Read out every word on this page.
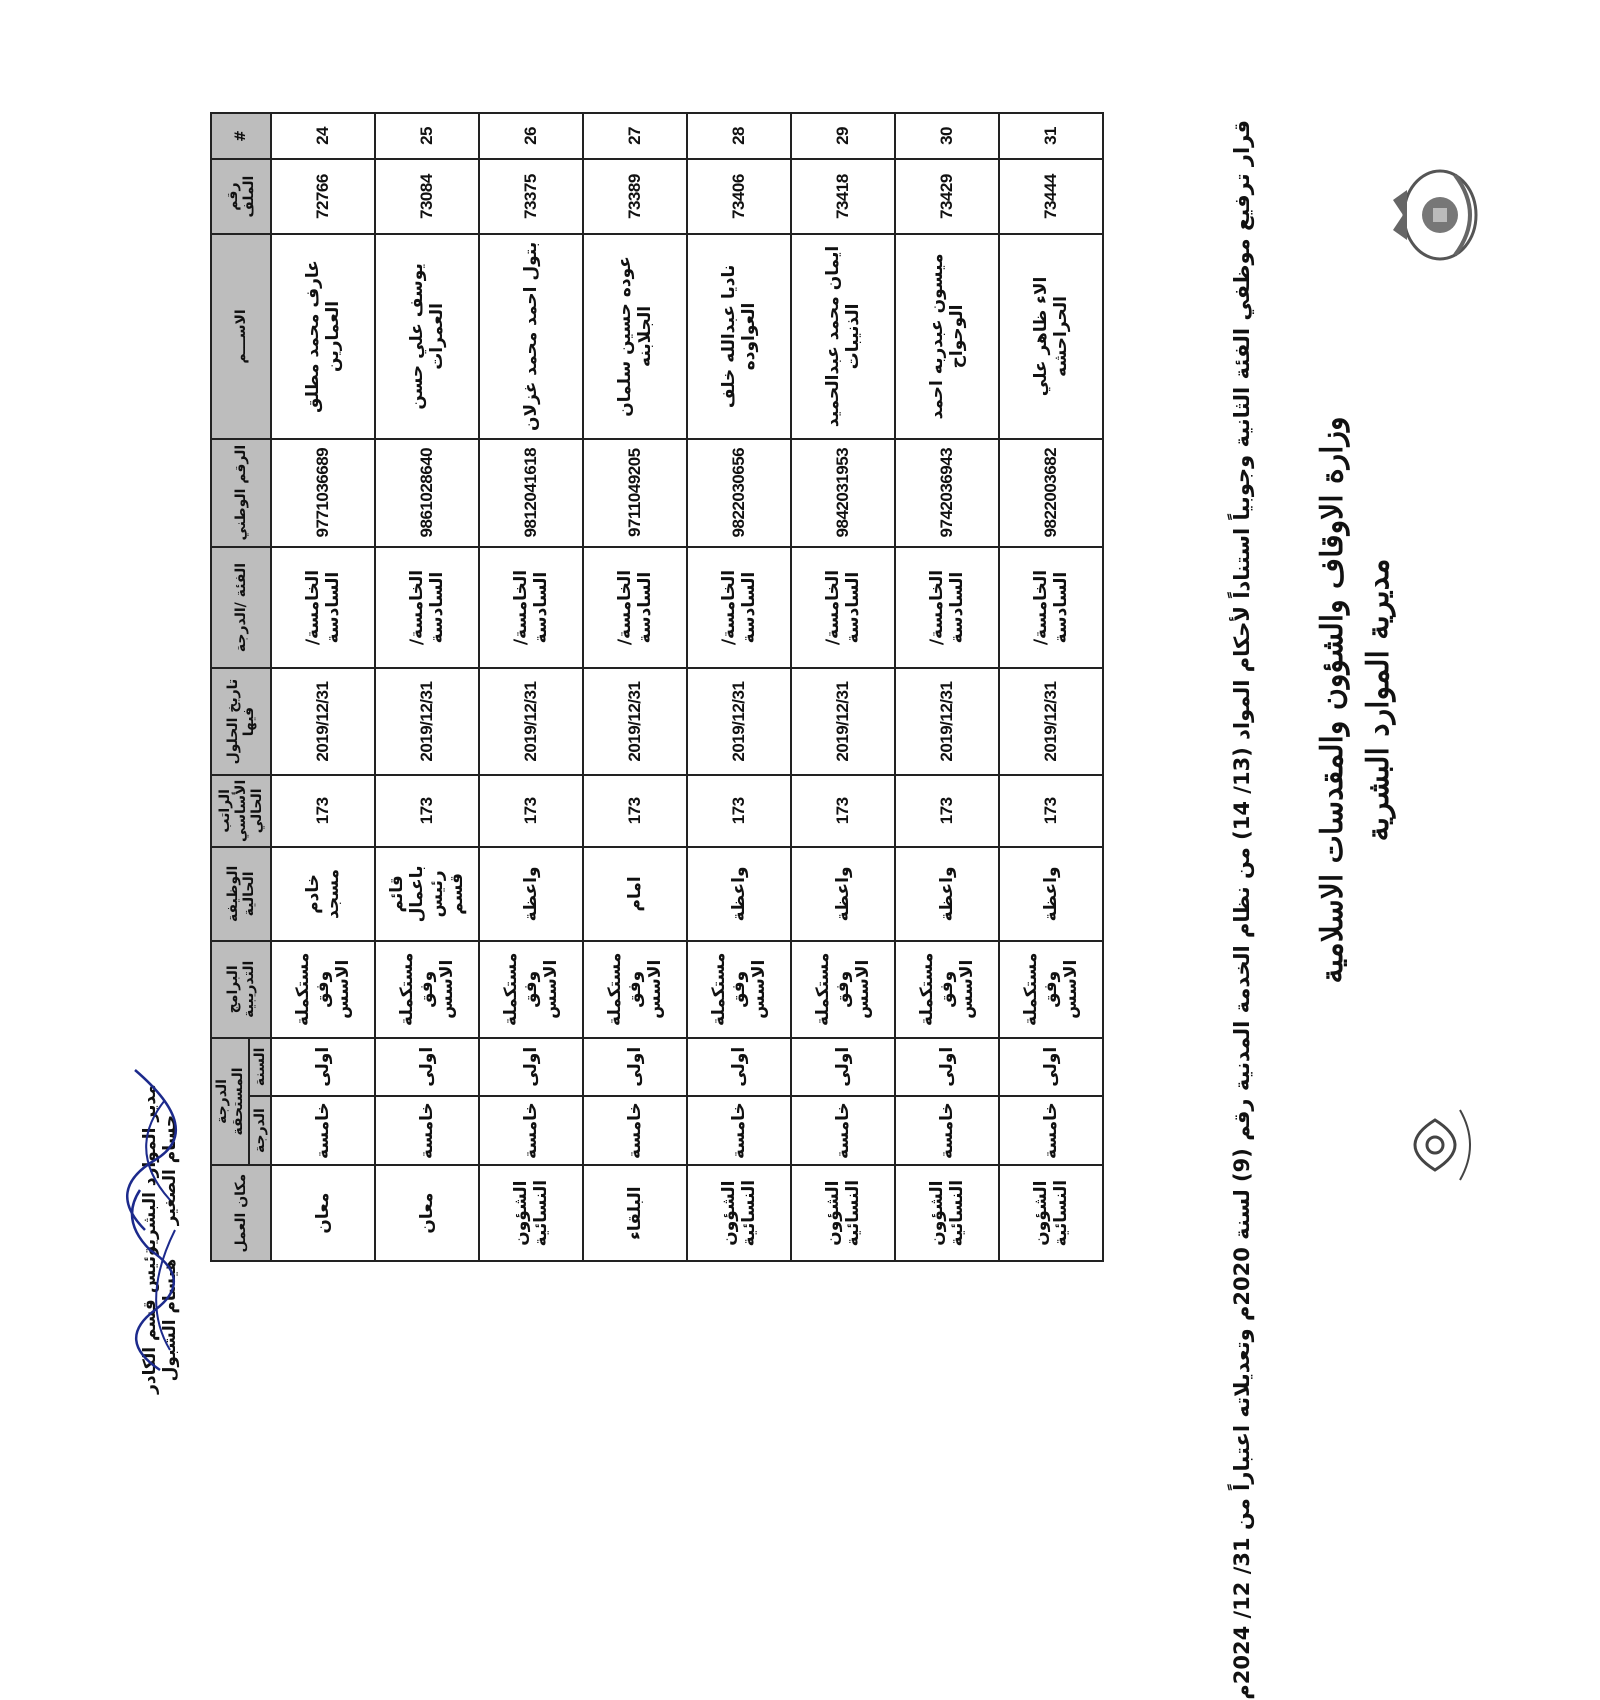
وزارة الاوقاف والشؤون والمقدسات الاسلامية مديرية الموارد البشرية
قرار ترفيع موظفي الفئة الثانية وجوبياً استناداً لأحكام المواد (13/ 14) من نظام الخدمة المدنية رقم (9) لسنة 2020م وتعديلاته اعتباراً من 31/ 12/ 2024م
#	رقم الملف	الاســـم	الرقم الوطني	الفئة /الدرجة	تاريخ الحلول فيها	الراتب الأساسي الحالي	الوظيفة الحالية	البرامج التدريبية	الدرجة المستحقة		مكان العمل
									السنة	الدرجة	
24	72766	عارف محمد مطلق العمارين	9771036689	الخامسة/ السادسة	2019/12/31	173	خادم مسجد	مستكملة وفق الاسس	اولى	خامسة	معان
25	73084	يوسف علي حسن العمرات	9861028640	الخامسة/ السادسة	2019/12/31	173	قائم باعمال رئيس قسم	مستكملة وفق الاسس	اولى	خامسة	معان
26	73375	بتول احمد محمد غزلان	9812041618	الخامسة/ السادسة	2019/12/31	173	واعظة	مستكملة وفق الاسس	اولى	خامسة	الشؤون النسائية
27	73389	عوده حسين سلمان الجلابنه	9711049205	الخامسة/ السادسة	2019/12/31	173	امام	مستكملة وفق الاسس	اولى	خامسة	البلقاء
28	73406	ناديا عبدالله خلف العواوده	9822030656	الخامسة/ السادسة	2019/12/31	173	واعظة	مستكملة وفق الاسس	اولى	خامسة	الشؤون النسائية
29	73418	ايمان محمد عبدالحميد الذنيبات	9842031953	الخامسة/ السادسة	2019/12/31	173	واعظة	مستكملة وفق الاسس	اولى	خامسة	الشؤون النسائية
30	73429	ميسون عبدربه احمد الوحواح	9742036943	الخامسة/ السادسة	2019/12/31	173	واعظة	مستكملة وفق الاسس	اولى	خامسة	الشؤون النسائية
31	73444	الاء ظاهر علي الحراحشه	9822003682	الخامسة/ السادسة	2019/12/31	173	واعظة	مستكملة وفق الاسس	اولى	خامسة	الشؤون النسائية
رئيس قسم الكادر هيسام الشبول
مدير الموارد البشرية حسام الصغير
